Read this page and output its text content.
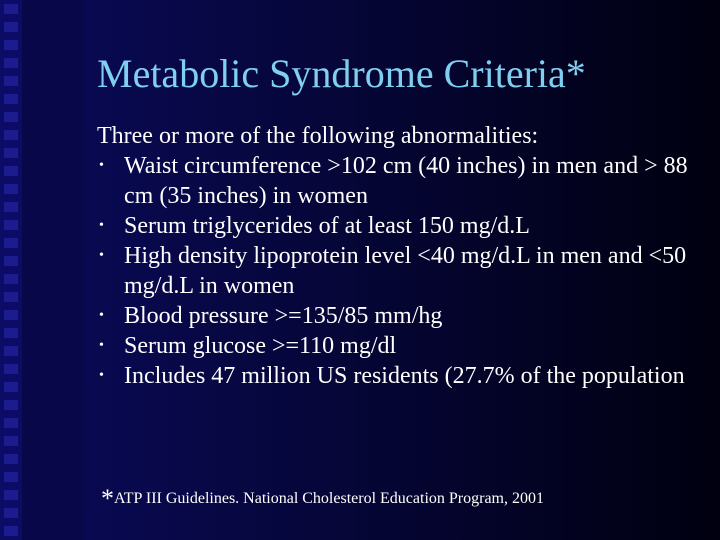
Metabolic Syndrome Criteria*

Three or more of the following abnormalities:

• Waist circumference >102 cm (40 inches) in men and > 88 cm (35 inches) in women
• Serum triglycerides of at least 150 mg/d.L
• High density lipoprotein level <40 mg/d.L in men and <50 mg/d.L in women
• Blood pressure >=135/85 mm/hg
• Serum glucose >=110 mg/dl
• Includes 47 million US residents (27.7% of the population
*ATP III Guidelines. National Cholesterol Education Program, 2001
